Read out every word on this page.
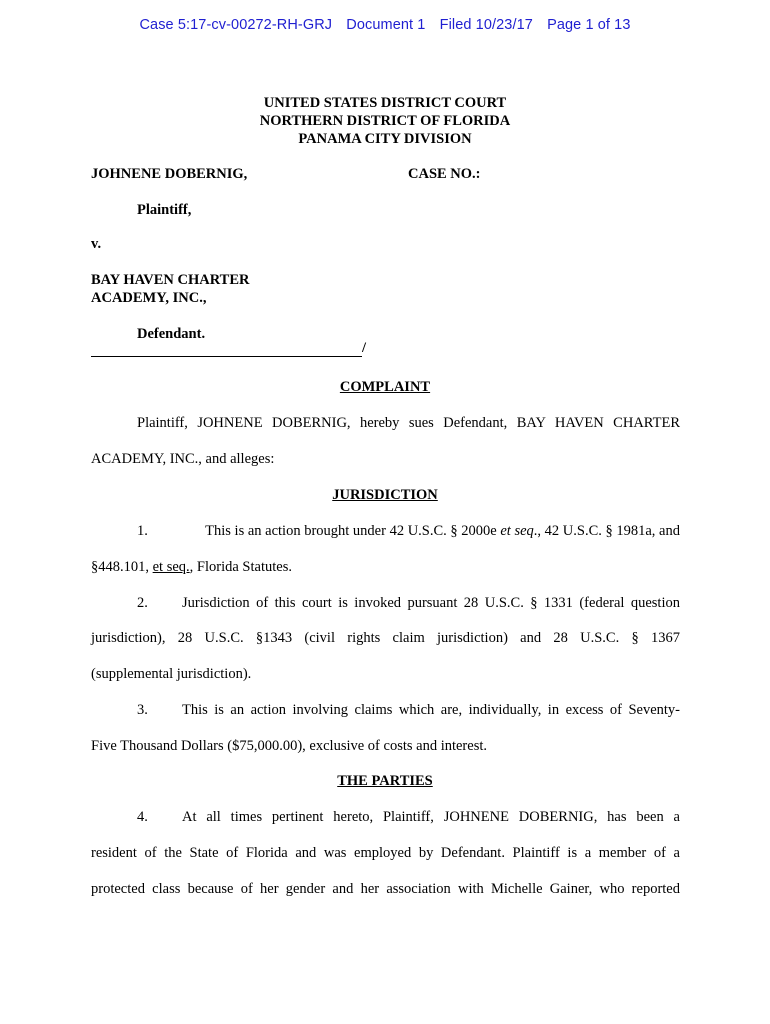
Case 5:17-cv-00272-RH-GRJ Document 1 Filed 10/23/17 Page 1 of 13
UNITED STATES DISTRICT COURT
NORTHERN DISTRICT OF FLORIDA
PANAMA CITY DIVISION
JOHNENE DOBERNIG,	CASE NO.:
Plaintiff,
v.
BAY HAVEN CHARTER
ACADEMY, INC.,
Defendant.
/
COMPLAINT
Plaintiff, JOHNENE DOBERNIG, hereby sues Defendant, BAY HAVEN CHARTER
ACADEMY, INC., and alleges:
JURISDICTION
1.	This is an action brought under 42 U.S.C. § 2000e et seq., 42 U.S.C. § 1981a, and
§448.101, et seq., Florida Statutes.
2. Jurisdiction of this court is invoked pursuant 28 U.S.C. § 1331 (federal question
jurisdiction), 28 U.S.C. §1343 (civil rights claim jurisdiction) and 28 U.S.C. § 1367
(supplemental jurisdiction).
3. This is an action involving claims which are, individually, in excess of Seventy-
Five Thousand Dollars ($75,000.00), exclusive of costs and interest.
THE PARTIES
4. At all times pertinent hereto, Plaintiff, JOHNENE DOBERNIG, has been a
resident of the State of Florida and was employed by Defendant. Plaintiff is a member of a
protected class because of her gender and her association with Michelle Gainer, who reported
